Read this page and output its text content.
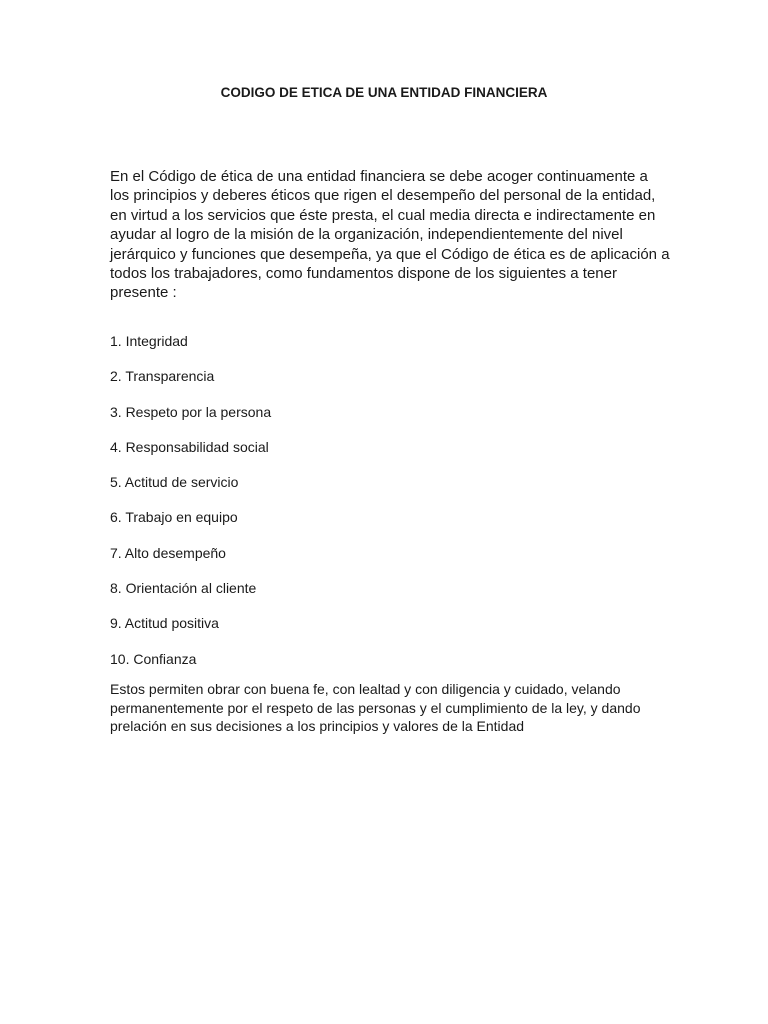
CODIGO DE ETICA DE UNA ENTIDAD FINANCIERA

En el Código de ética de una entidad financiera se debe acoger continuamente a los principios y deberes éticos que rigen el desempeño del personal de la entidad, en virtud a los servicios que éste presta, el cual media directa e indirectamente en ayudar al logro de la misión de la organización, independientemente del nivel jerárquico y funciones que desempeña, ya que el Código de ética es de aplicación a todos los trabajadores, como fundamentos dispone de los siguientes a tener presente :

1. Integridad
2. Transparencia
3. Respeto por la persona
4. Responsabilidad social
5. Actitud de servicio
6. Trabajo en equipo
7. Alto desempeño
8. Orientación al cliente
9. Actitud positiva
10. Confianza

Estos permiten obrar con buena fe, con lealtad y con diligencia y cuidado, velando permanentemente por el respeto de las personas y el cumplimiento de la ley, y dando prelación en sus decisiones a los principios y valores de la Entidad
